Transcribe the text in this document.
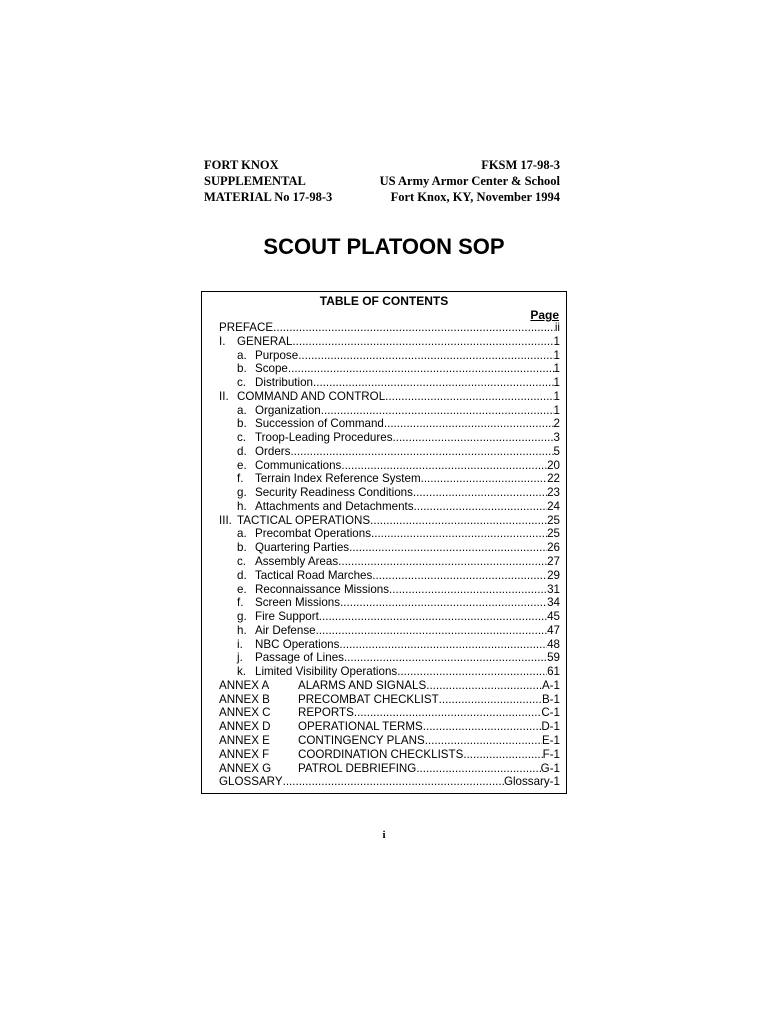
FORT KNOX
SUPPLEMENTAL
MATERIAL No 17-98-3
FKSM 17-98-3
US Army Armor Center & School
Fort Knox, KY, November 1994
SCOUT PLATOON SOP
TABLE OF CONTENTS
Page
PREFACE .....	ii
I. GENERAL .....	1
a. Purpose .....	1
b. Scope .....	1
c. Distribution .....	1
II. COMMAND AND CONTROL .....	1
a. Organization .....	1
b. Succession of Command .....	2
c. Troop-Leading Procedures .....	3
d. Orders .....	5
e. Communications .....	20
f. Terrain Index Reference System .....	22
g. Security Readiness Conditions .....	23
h. Attachments and Detachments .....	24
III. TACTICAL OPERATIONS .....	25
a. Precombat Operations .....	25
b. Quartering Parties .....	26
c. Assembly Areas .....	27
d. Tactical Road Marches .....	29
e. Reconnaissance Missions .....	31
f. Screen Missions .....	34
g. Fire Support .....	45
h. Air Defense .....	47
i.	NBC Operations .....	48
j.	Passage of Lines .....	59
k. Limited Visibility Operations .....	61
ANNEX A	ALARMS AND SIGNALS .....	A-1
ANNEX B	PRECOMBAT CHECKLIST .....	B-1
ANNEX C	REPORTS .....	C-1
ANNEX D	OPERATIONAL TERMS .....	D-1
ANNEX E	CONTINGENCY PLANS .....	E-1
ANNEX F	COORDINATION CHECKLISTS .....	F-1
ANNEX G	PATROL DEBRIEFING .....	G-1
GLOSSARY .....	Glossary-1
i
